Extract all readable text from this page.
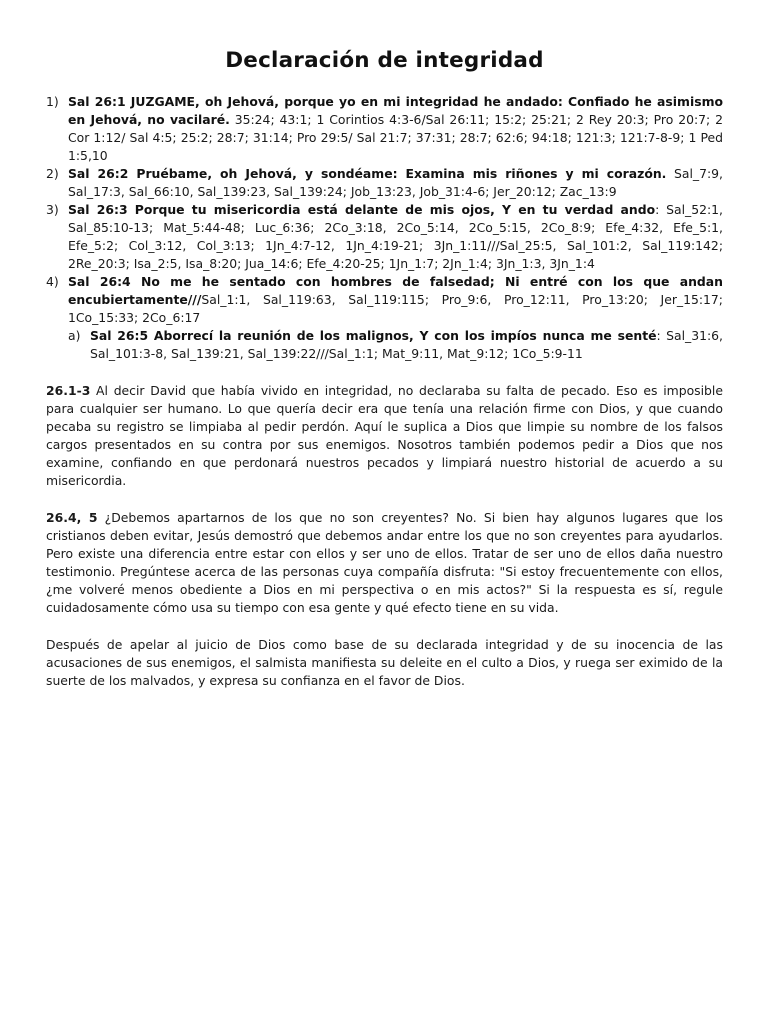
Declaración de integridad
1) Sal 26:1 JUZGAME, oh Jehová, porque yo en mi integridad he andado: Confiado he asimismo en Jehová, no vacilaré. 35:24; 43:1; 1 Corintios 4:3-6/Sal 26:11; 15:2; 25:21; 2 Rey 20:3; Pro 20:7; 2 Cor 1:12/ Sal 4:5; 25:2; 28:7; 31:14; Pro 29:5/ Sal 21:7; 37:31; 28:7; 62:6; 94:18; 121:3; 121:7-8-9; 1 Ped 1:5,10
2) Sal 26:2 Pruébame, oh Jehová, y sondéame: Examina mis riñones y mi corazón. Sal_7:9, Sal_17:3, Sal_66:10, Sal_139:23, Sal_139:24; Job_13:23, Job_31:4-6; Jer_20:12; Zac_13:9
3) Sal 26:3 Porque tu misericordia está delante de mis ojos, Y en tu verdad ando: Sal_52:1, Sal_85:10-13; Mat_5:44-48; Luc_6:36; 2Co_3:18, 2Co_5:14, 2Co_5:15, 2Co_8:9; Efe_4:32, Efe_5:1, Efe_5:2; Col_3:12, Col_3:13; 1Jn_4:7-12, 1Jn_4:19-21; 3Jn_1:11///Sal_25:5, Sal_101:2, Sal_119:142; 2Re_20:3; Isa_2:5, Isa_8:20; Jua_14:6; Efe_4:20-25; 1Jn_1:7; 2Jn_1:4; 3Jn_1:3, 3Jn_1:4
4) Sal 26:4 No me he sentado con hombres de falsedad; Ni entré con los que andan encubiertamente///Sal_1:1, Sal_119:63, Sal_119:115; Pro_9:6, Pro_12:11, Pro_13:20; Jer_15:17; 1Co_15:33; 2Co_6:17
a) Sal 26:5 Aborrecí la reunión de los malignos, Y con los impíos nunca me senté: Sal_31:6, Sal_101:3-8, Sal_139:21, Sal_139:22///Sal_1:1; Mat_9:11, Mat_9:12; 1Co_5:9-11

26.1-3 Al decir David que había vivido en integridad, no declaraba su falta de pecado. Eso es imposible para cualquier ser humano. Lo que quería decir era que tenía una relación firme con Dios, y que cuando pecaba su registro se limpiaba al pedir perdón. Aquí le suplica a Dios que limpie su nombre de los falsos cargos presentados en su contra por sus enemigos. Nosotros también podemos pedir a Dios que nos examine, confiando en que perdonará nuestros pecados y limpiará nuestro historial de acuerdo a su misericordia.

26.4, 5 ¿Debemos apartarnos de los que no son creyentes? No. Si bien hay algunos lugares que los cristianos deben evitar, Jesús demostró que debemos andar entre los que no son creyentes para ayudarlos. Pero existe una diferencia entre estar con ellos y ser uno de ellos. Tratar de ser uno de ellos daña nuestro testimonio. Pregúntese acerca de las personas cuya compañía disfruta: "Si estoy frecuentemente con ellos, ¿me volveré menos obediente a Dios en mi perspectiva o en mis actos?" Si la respuesta es sí, regule cuidadosamente cómo usa su tiempo con esa gente y qué efecto tiene en su vida.

Después de apelar al juicio de Dios como base de su declarada integridad y de su inocencia de las acusaciones de sus enemigos, el salmista manifiesta su deleite en el culto a Dios, y ruega ser eximido de la suerte de los malvados, y expresa su confianza en el favor de Dios.
